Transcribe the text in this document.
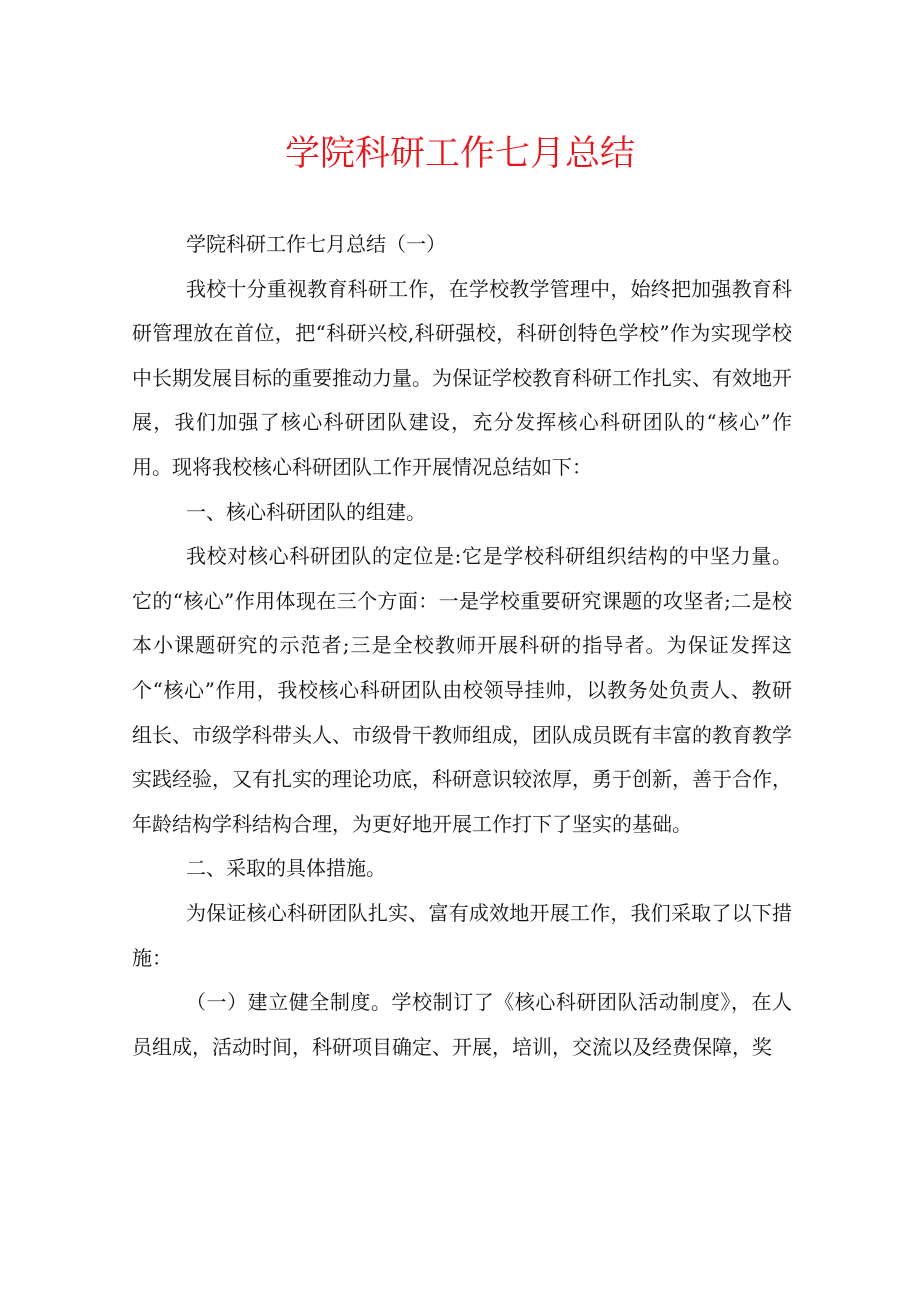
学院科研工作七月总结

学院科研工作七月总结（一）

我校十分重视教育科研工作，在学校教学管理中，始终把加强教育科研管理放在首位，把“科研兴校,科研强校，科研创特色学校”作为实现学校中长期发展目标的重要推动力量。为保证学校教育科研工作扎实、有效地开展，我们加强了核心科研团队建设，充分发挥核心科研团队的“核心”作用。现将我校核心科研团队工作开展情况总结如下：

一、核心科研团队的组建。

我校对核心科研团队的定位是:它是学校科研组织结构的中坚力量。它的“核心”作用体现在三个方面：一是学校重要研究课题的攻坚者;二是校本小课题研究的示范者;三是全校教师开展科研的指导者。为保证发挥这个“核心”作用，我校核心科研团队由校领导挂帅，以教务处负责人、教研组长、市级学科带头人、市级骨干教师组成，团队成员既有丰富的教育教学实践经验，又有扎实的理论功底，科研意识较浓厚，勇于创新，善于合作，年龄结构学科结构合理，为更好地开展工作打下了坚实的基础。

二、采取的具体措施。

为保证核心科研团队扎实、富有成效地开展工作，我们采取了以下措施：

（一）建立健全制度。学校制订了《核心科研团队活动制度》，在人员组成，活动时间，科研项目确定、开展，培训，交流以及经费保障，奖
